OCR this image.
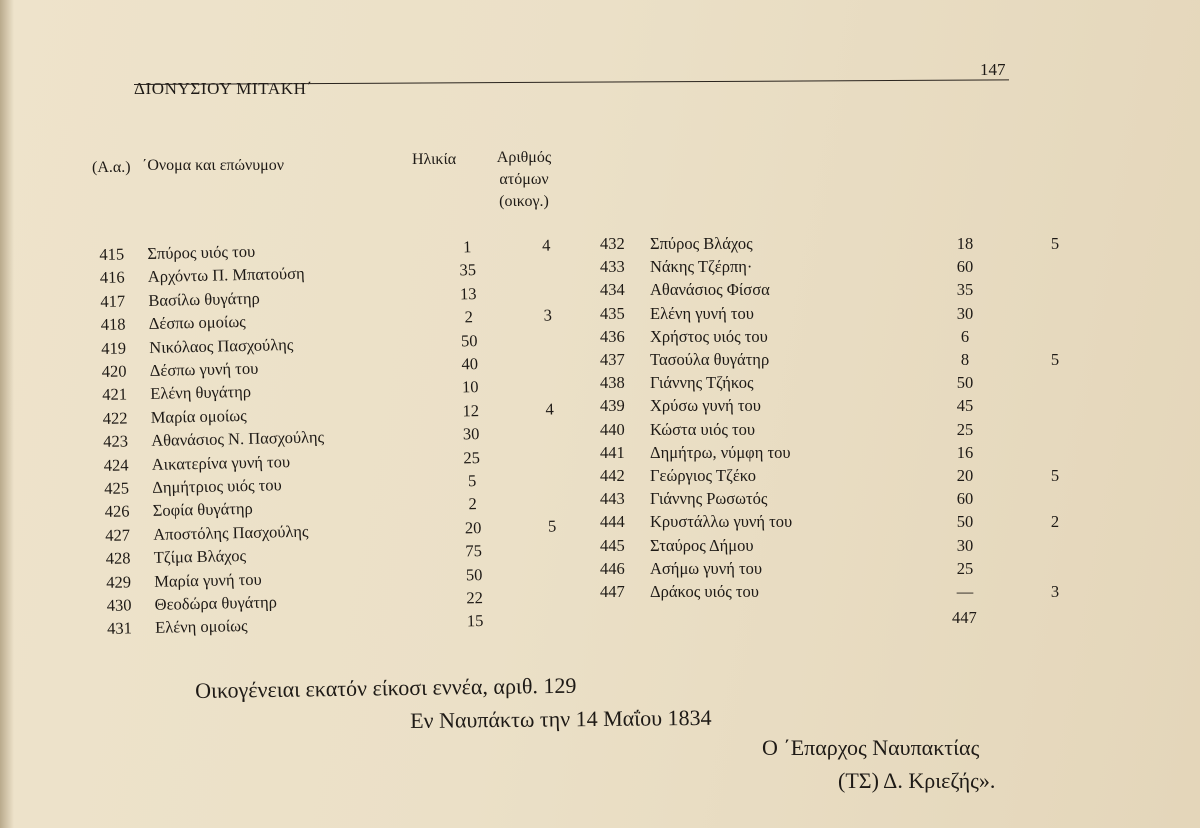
147
ΔΙΟΝΥΣΙΟΥ ΜΙΤΑΚΗ΄
(Α.α.) ΄Ονομα και επώνυμον	Ηλικία	Αριθμός
ατόμων
(οικογ.)
415	Σπύρος υιός του	1	4
416	Αρχόντω Π. Μπατούση	35
417	Βασίλω θυγάτηρ	13
418	Δέσπω ομοίως	2	3
419	Νικόλαος Πασχούλης	50
420	Δέσπω γυνή του	40
421	Ελένη θυγάτηρ	10
422	Μαρία ομοίως	12	4
423	Αθανάσιος Ν. Πασχούλης	30
424	Αικατερίνα γυνή του	25
425	Δημήτριος υιός του	5
426	Σοφία θυγάτηρ	2
427	Αποστόλης Πασχούλης	20	5
428	Τζίμα Βλάχος	75
429	Μαρία γυνή του	50
430	Θεοδώρα θυγάτηρ	22
431	Ελένη ομοίως	15
432	Σπύρος Βλάχος	18	5
433	Νάκης Τζέρπη·	60
434	Αθανάσιος Φίσσα	35
435	Ελένη γυνή του	30
436	Χρήστος υιός του	6
437	Τασούλα θυγάτηρ	8	5
438	Γιάννης Τζήκος	50
439	Χρύσω γυνή του	45
440	Κώστα υιός του	25
441	Δημήτρω, νύμφη του	16
442	Γεώργιος Τζέκο	20	5
443	Γιάννης Ρωσωτός	60
444	Κρυστάλλω γυνή του	50	2
445	Σταύρος Δήμου	30
446	Ασήμω γυνή του	25
447	Δράκος υιός του	—	3
447
Οικογένειαι εκατόν είκοσι εννέα, αριθ. 129
Εν Ναυπάκτω την 14 Μαΐου 1834
Ο ΄Επαρχος Ναυπακτίας
(ΤΣ) Δ. Κριεζής».
